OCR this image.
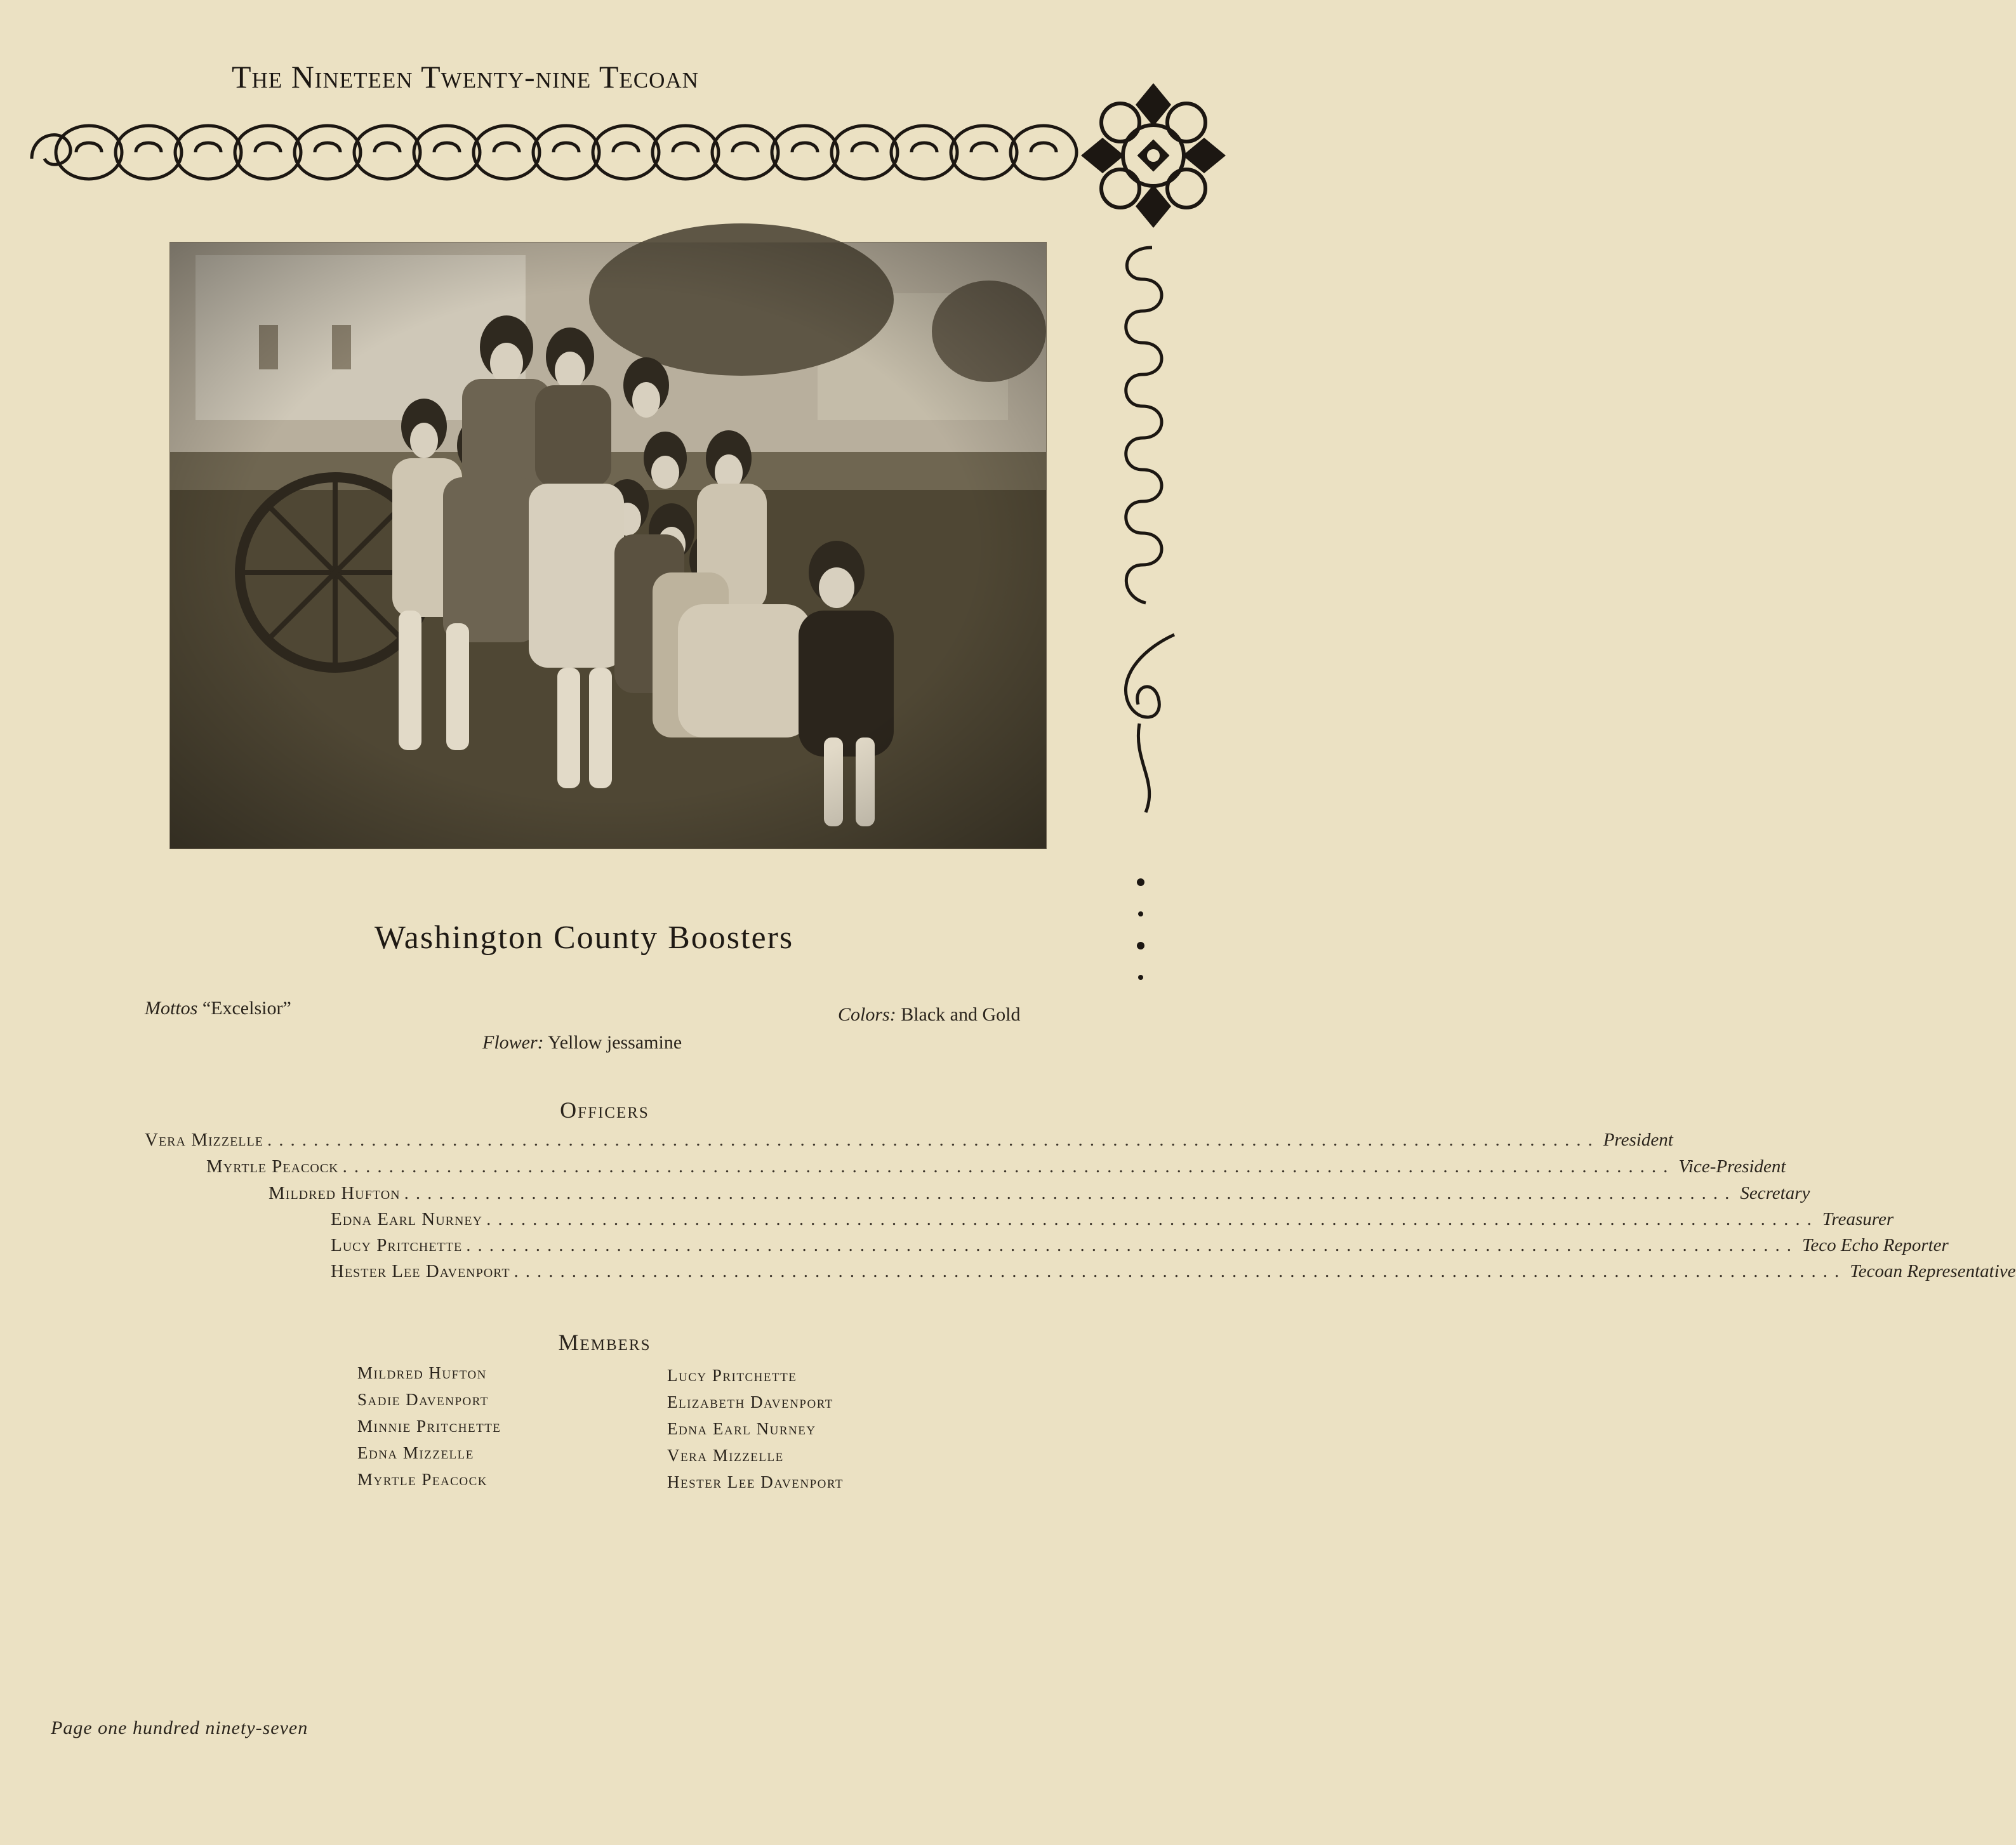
The Nineteen Twenty-nine Tecoan
Washington County Boosters
Mottos “Excelsior”	Colors: Black and Gold
Flower: Yellow jessamine
Officers
Vera Mizzelle ................................................................................................................... President
Myrtle Peacock ................................................................................................................... Vice-President
Mildred Hufton ................................................................................................................... Secretary
Edna Earl Nurney ................................................................................................................... Treasurer
Lucy Pritchette ................................................................................................................... Teco Echo Reporter
Hester Lee Davenport ................................................................................................................... Tecoan Representative
Members
Mildred Hufton
Sadie Davenport
Minnie Pritchette
Edna Mizzelle
Myrtle Peacock
Lucy Pritchette
Elizabeth Davenport
Edna Earl Nurney
Vera Mizzelle
Hester Lee Davenport
Page one hundred ninety-seven
